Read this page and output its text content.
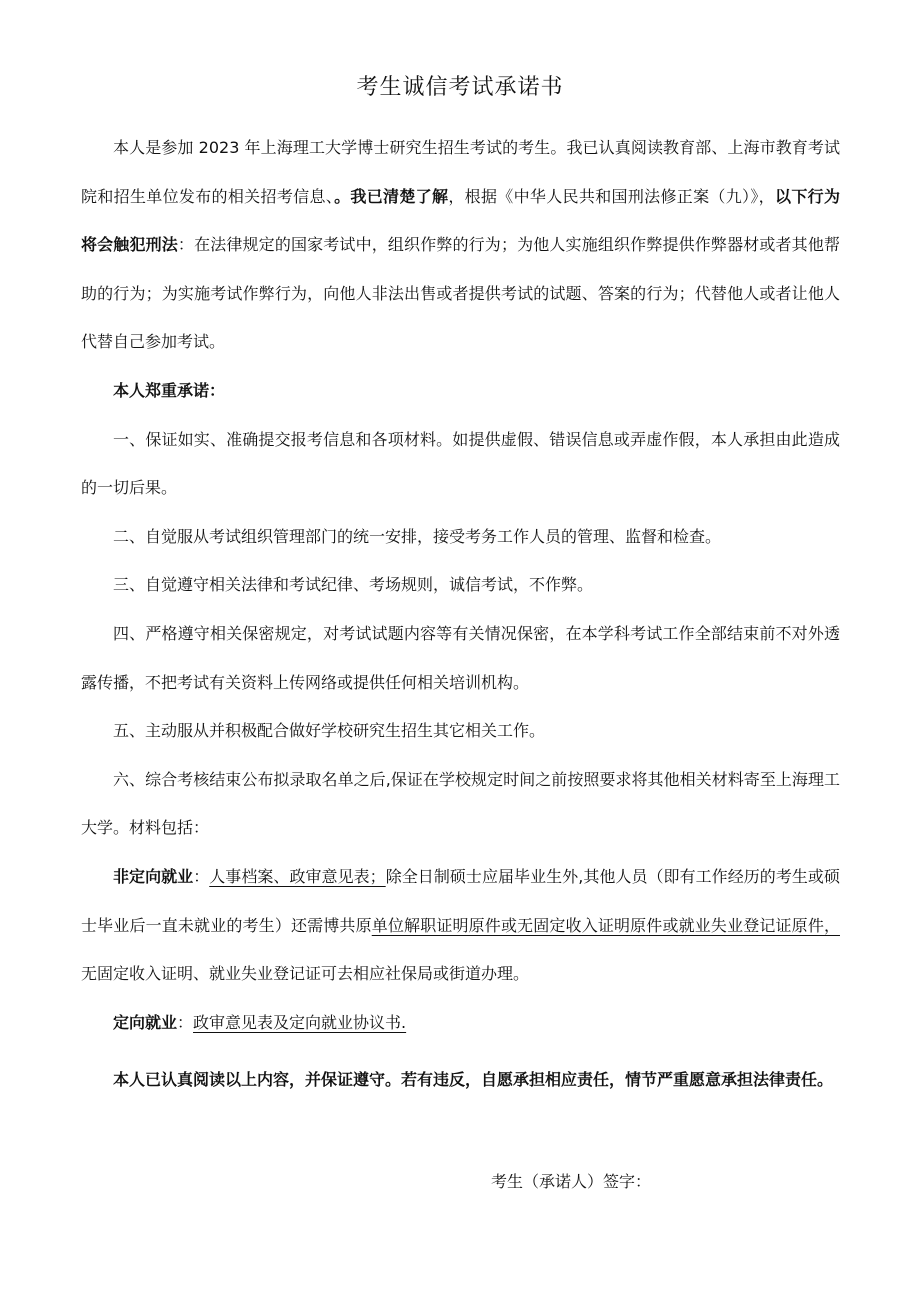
考生诚信考试承诺书

本人是参加 2023 年上海理工大学博士研究生招生考试的考生。我已认真阅读教育部、上海市教育考试院和招生单位发布的相关招考信息、。我已清楚了解，根据《中华人民共和国刑法修正案（九）》，以下行为将会触犯刑法：在法律规定的国家考试中，组织作弊的行为；为他人实施组织作弊提供作弊器材或者其他帮助的行为；为实施考试作弊行为，向他人非法出售或者提供考试的试题、答案的行为；代替他人或者让他人代替自己参加考试。

本人郑重承诺：

一、保证如实、准确提交报考信息和各项材料。如提供虚假、错误信息或弄虚作假，本人承担由此造成的一切后果。

二、自觉服从考试组织管理部门的统一安排，接受考务工作人员的管理、监督和检查。

三、自觉遵守相关法律和考试纪律、考场规则，诚信考试，不作弊。

四、严格遵守相关保密规定，对考试试题内容等有关情况保密，在本学科考试工作全部结束前不对外透露传播，不把考试有关资料上传网络或提供任何相关培训机构。

五、主动服从并积极配合做好学校研究生招生其它相关工作。

六、综合考核结束公布拟录取名单之后,保证在学校规定时间之前按照要求将其他相关材料寄至上海理工大学。材料包括：

非定向就业：人事档案、政审意见表；除全日制硕士应届毕业生外,其他人员（即有工作经历的考生或硕士毕业后一直未就业的考生）还需博共原单位解职证明原件或无固定收入证明原件或就业失业登记证原件，无固定收入证明、就业失业登记证可去相应社保局或街道办理。

定向就业：政审意见表及定向就业协议书.

本人已认真阅读以上内容，并保证遵守。若有违反，自愿承担相应责任，情节严重愿意承担法律责任。

考生（承诺人）签字：
